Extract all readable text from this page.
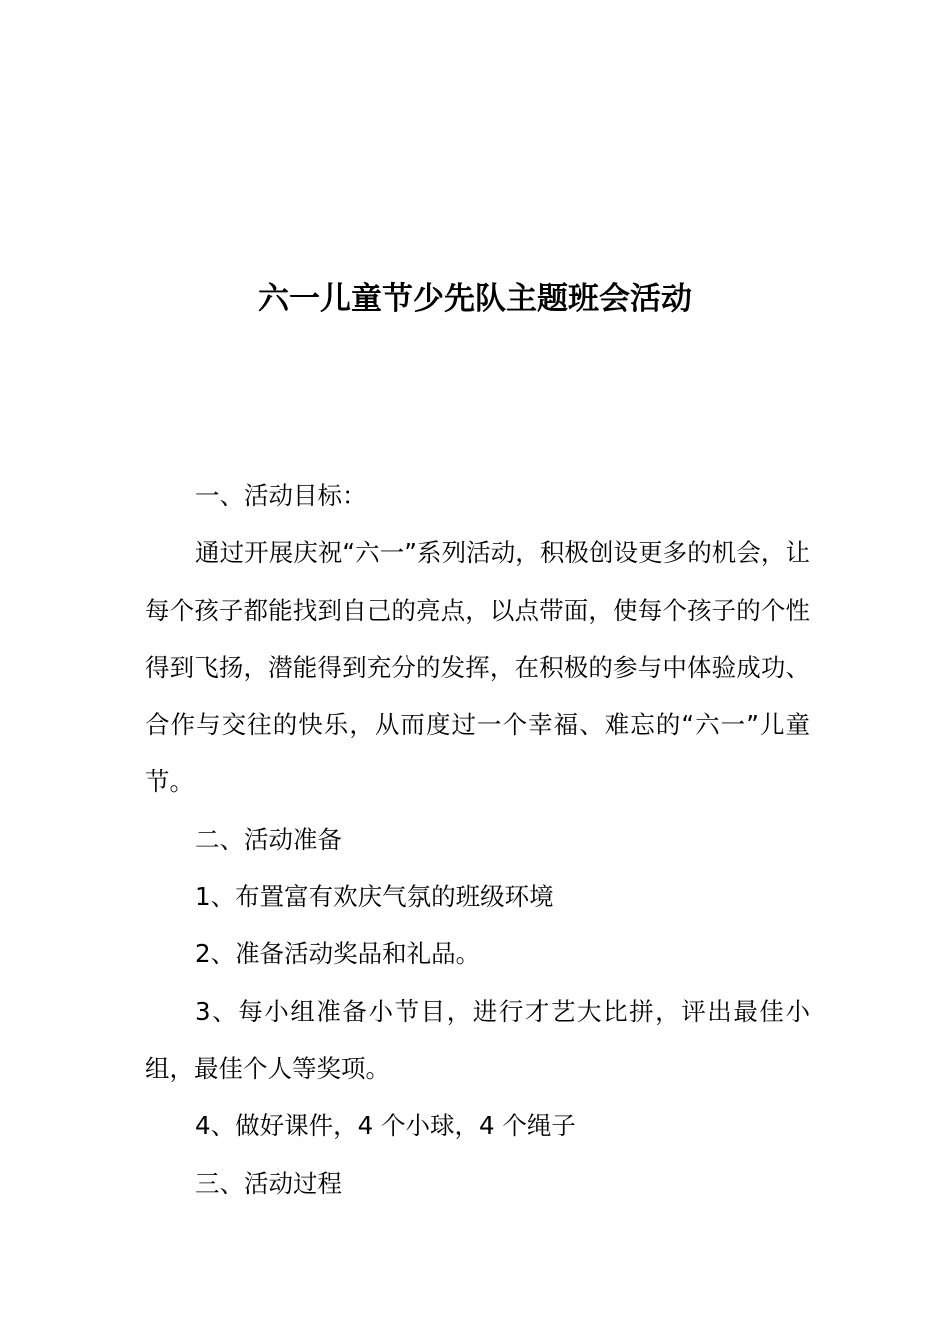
六一儿童节少先队主题班会活动

一、活动目标：

通过开展庆祝“六一”系列活动，积极创设更多的机会，让每个孩子都能找到自己的亮点，以点带面，使每个孩子的个性得到飞扬，潜能得到充分的发挥，在积极的参与中体验成功、合作与交往的快乐，从而度过一个幸福、难忘的“六一”儿童节。

二、活动准备

1、布置富有欢庆气氛的班级环境

2、准备活动奖品和礼品。

3、每小组准备小节目，进行才艺大比拼，评出最佳小组，最佳个人等奖项。

4、做好课件，4 个小球，4 个绳子

三、活动过程
